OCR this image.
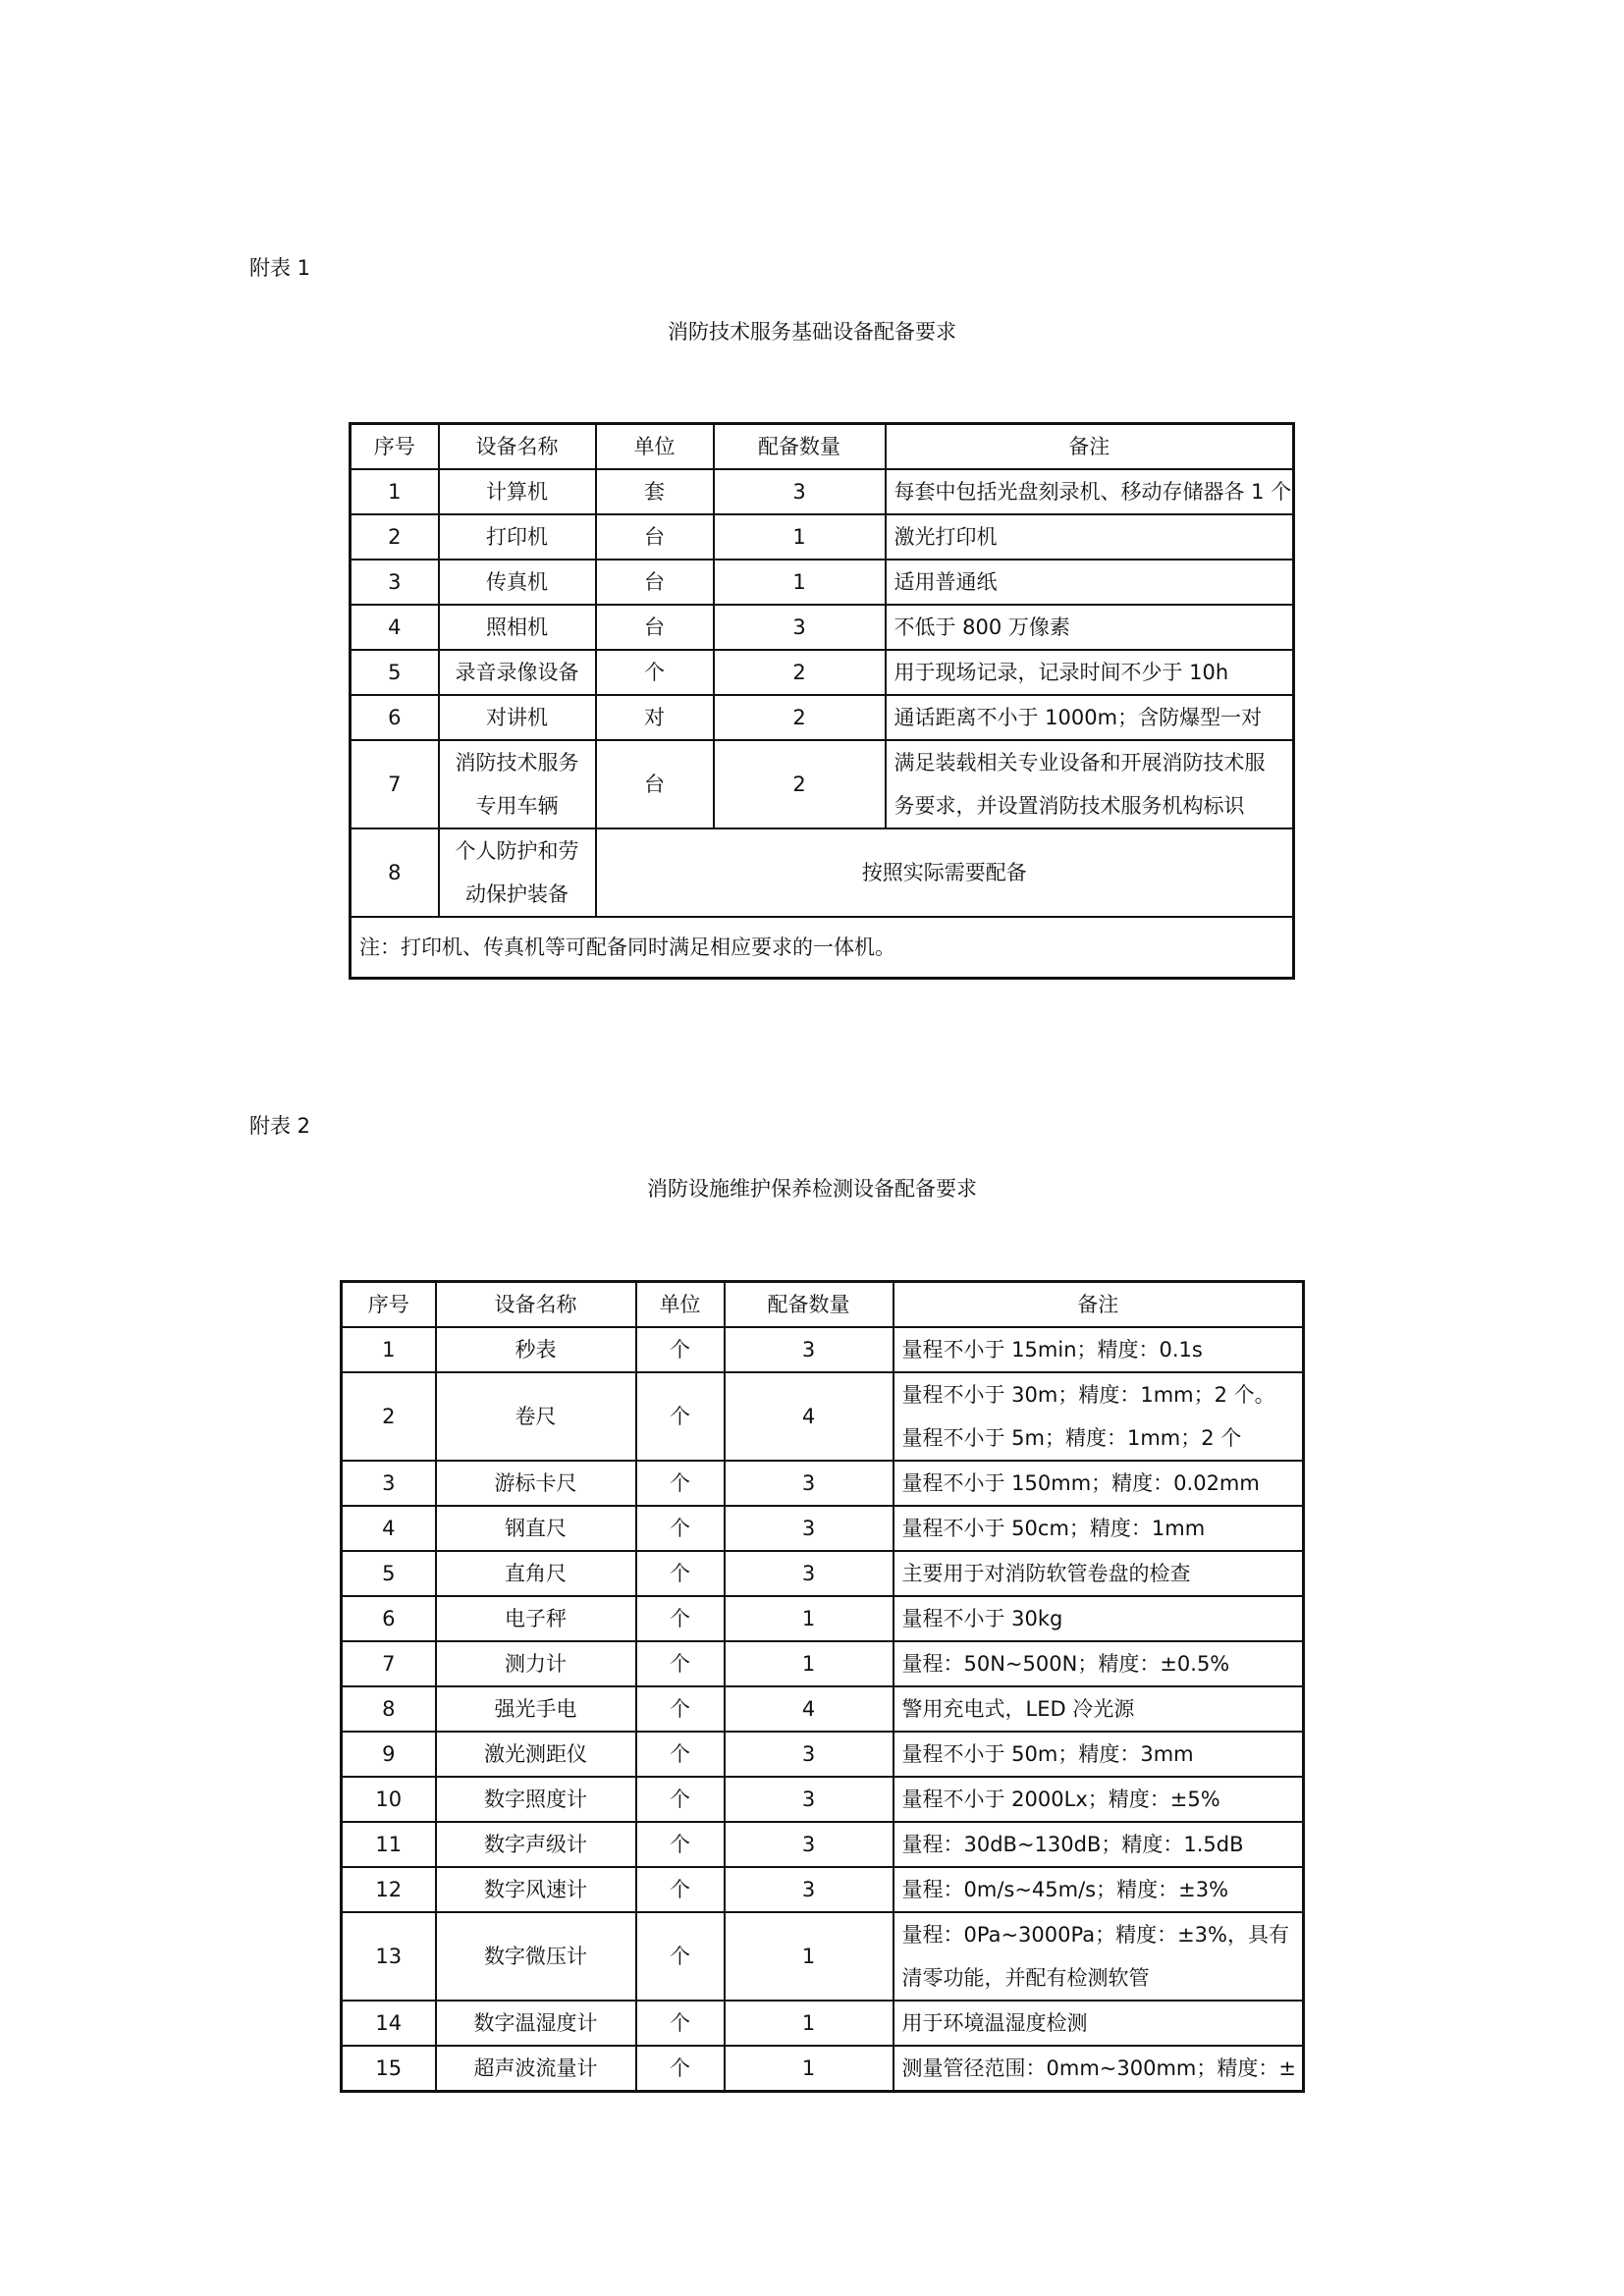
附表 1
消防技术服务基础设备配备要求
序号	设备名称	单位	配备数量	备注
1	计算机	套	3	每套中包括光盘刻录机、移动存储器各 1 个
2	打印机	台	1	激光打印机
3	传真机	台	1	适用普通纸
4	照相机	台	3	不低于 800 万像素
5	录音录像设备	个	2	用于现场记录，记录时间不少于 10h
6	对讲机	对	2	通话距离不小于 1000m；含防爆型一对
7	消防技术服务专用车辆	台	2	满足装载相关专业设备和开展消防技术服务要求，并设置消防技术服务机构标识
8	个人防护和劳动保护装备	按照实际需要配备		
注：打印机、传真机等可配备同时满足相应要求的一体机。				
附表 2
消防设施维护保养检测设备配备要求
序号	设备名称	单位	配备数量	备注
1	秒表	个	3	量程不小于 15min；精度：0.1s
2	卷尺	个	4	量程不小于 30m；精度：1mm；2 个。量程不小于 5m；精度：1mm；2 个
3	游标卡尺	个	3	量程不小于 150mm；精度：0.02mm
4	钢直尺	个	3	量程不小于 50cm；精度：1mm
5	直角尺	个	3	主要用于对消防软管卷盘的检查
6	电子秤	个	1	量程不小于 30kg
7	测力计	个	1	量程：50N~500N；精度：±0.5%
8	强光手电	个	4	警用充电式，LED 冷光源
9	激光测距仪	个	3	量程不小于 50m；精度：3mm
10	数字照度计	个	3	量程不小于 2000Lx；精度：±5%
11	数字声级计	个	3	量程：30dB~130dB；精度：1.5dB
12	数字风速计	个	3	量程：0m/s~45m/s；精度：±3%
13	数字微压计	个	1	量程：0Pa~3000Pa；精度：±3%，具有清零功能，并配有检测软管
14	数字温湿度计	个	1	用于环境温湿度检测
15	超声波流量计	个	1	测量管径范围：0mm~300mm；精度：±
